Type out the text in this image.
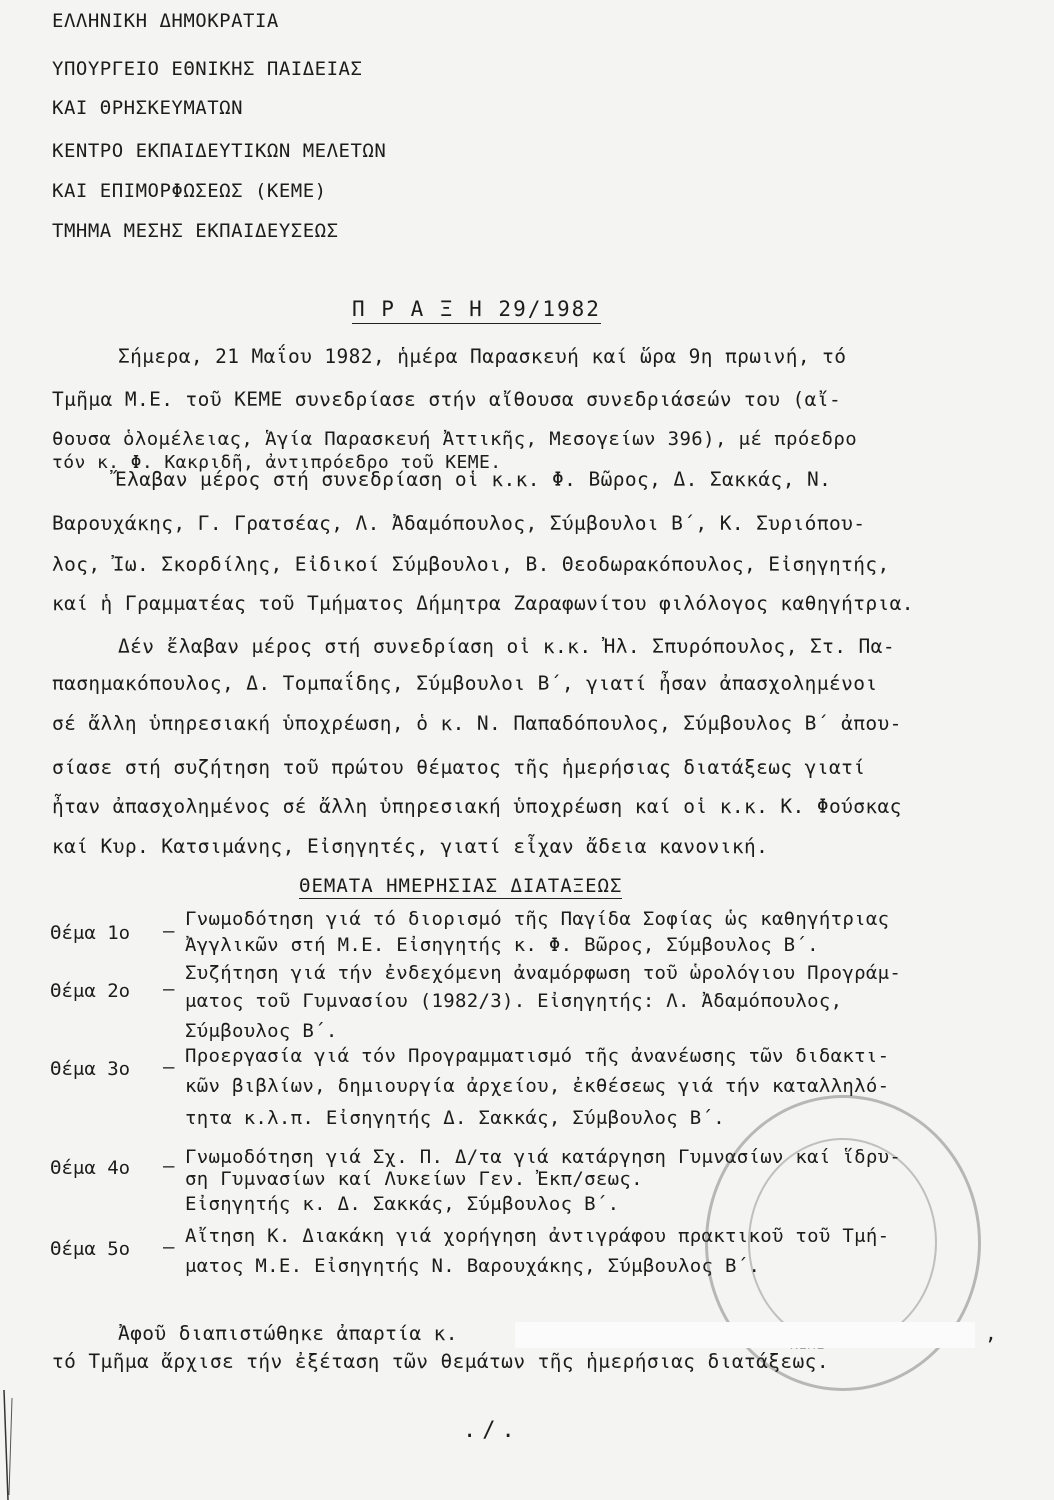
ΕΛΛΗΝΙΚΗ ΔΗΜΟΚΡΑΤΙΑ
ΥΠΟΥΡΓΕΙΟ ΕΘΝΙΚΗΣ ΠΑΙΔΕΙΑΣ
ΚΑΙ ΘΡΗΣΚΕΥΜΑΤΩΝ
ΚΕΝΤΡΟ ΕΚΠΑΙΔΕΥΤΙΚΩΝ ΜΕΛΕΤΩΝ
ΚΑΙ ΕΠΙΜΟΡΦΩΣΕΩΣ (ΚΕΜΕ)
ΤΜΗΜΑ ΜΕΣΗΣ ΕΚΠΑΙΔΕΥΣΕΩΣ
Π Ρ Α Ξ Η 29/1982
Σήμερα, 21 Μαΐου 1982, ἡμέρα Παρασκευή καί ὥρα 9η πρωινή, τό
Τμῆμα Μ.Ε. τοῦ ΚΕΜΕ συνεδρίασε στήν αἴθουσα συνεδριάσεών του (αἴ-
θουσα ὁλομέλειας, Ἁγία Παρασκευή Ἀττικῆς, Μεσογείων 396), μέ πρόεδρο
τόν κ. Φ. Κακριδῆ, ἀντιπρόεδρο τοῦ ΚΕΜΕ.
Ἔλαβαν μέρος στή συνεδρίαση οἱ κ.κ. Φ. Βῶρος, Δ. Σακκάς, Ν.
Βαρουχάκης, Γ. Γρατσέας, Λ. Ἀδαμόπουλος, Σύμβουλοι Β΄, Κ. Συριόπου-
λος, Ἰω. Σκορδίλης, Εἰδικοί Σύμβουλοι, Β. Θεοδωρακόπουλος, Εἰσηγητής,
καί ἡ Γραμματέας τοῦ Τμήματος Δήμητρα Ζαραφωνίτου φιλόλογος καθηγήτρια.
Δέν ἔλαβαν μέρος στή συνεδρίαση οἱ κ.κ. Ἠλ. Σπυρόπουλος, Στ. Πα-
πασημακόπουλος, Δ. Τομπαΐδης, Σύμβουλοι Β΄, γιατί ἦσαν ἀπασχολημένοι
σέ ἄλλη ὑπηρεσιακή ὑποχρέωση, ὁ κ. Ν. Παπαδόπουλος, Σύμβουλος Β΄ ἀπου-
σίασε στή συζήτηση τοῦ πρώτου θέματος τῆς ἡμερήσιας διατάξεως γιατί
ἦταν ἀπασχολημένος σέ ἄλλη ὑπηρεσιακή ὑποχρέωση καί οἱ κ.κ. Κ. Φούσκας
καί Κυρ. Κατσιμάνης, Εἰσηγητές, γιατί εἶχαν ἄδεια κανονική.
ΘΕΜΑΤΑ ΗΜΕΡΗΣΙΑΣ ΔΙΑΤΑΞΕΩΣ
Θέμα 1ο –
Γνωμοδότηση γιά τό διορισμό τῆς Παγίδα Σοφίας ὡς καθηγήτριας
Ἀγγλικῶν στή Μ.Ε. Εἰσηγητής κ. Φ. Βῶρος, Σύμβουλος Β΄.
Θέμα 2ο –
Συζήτηση γιά τήν ἐνδεχόμενη ἀναμόρφωση τοῦ ὡρολόγιου Προγράμ-
ματος τοῦ Γυμνασίου (1982/3). Εἰσηγητής: Λ. Ἀδαμόπουλος,
Σύμβουλος Β΄.
Θέμα 3ο – Προεργασία γιά τόν Προγραμματισμό τῆς ἀνανέωσης τῶν διδακτι-
κῶν βιβλίων, δημιουργία ἀρχείου, ἐκθέσεως γιά τήν καταλληλό-
τητα κ.λ.π. Εἰσηγητής Δ. Σακκάς, Σύμβουλος Β΄.
Θέμα 4ο – Γνωμοδότηση γιά Σχ. Π. Δ/τα γιά κατάργηση Γυμνασίων καί ἵδρυ-
ση Γυμνασίων καί Λυκείων Γεν. Ἐκπ/σεως.
Εἰσηγητής κ. Δ. Σακκάς, Σύμβουλος Β΄.
Θέμα 5ο – Αἴτηση Κ. Διακάκη γιά χορήγηση ἀντιγράφου πρακτικοῦ τοῦ Τμή-
ματος Μ.Ε. Εἰσηγητής Ν. Βαρουχάκης, Σύμβουλος Β΄.
Ἀφοῦ διαπιστώθηκε ἀπαρτία κ.	,
τό Τμῆμα ἄρχισε τήν ἐξέταση τῶν θεμάτων τῆς ἡμερήσιας διατάξεως.
./.
